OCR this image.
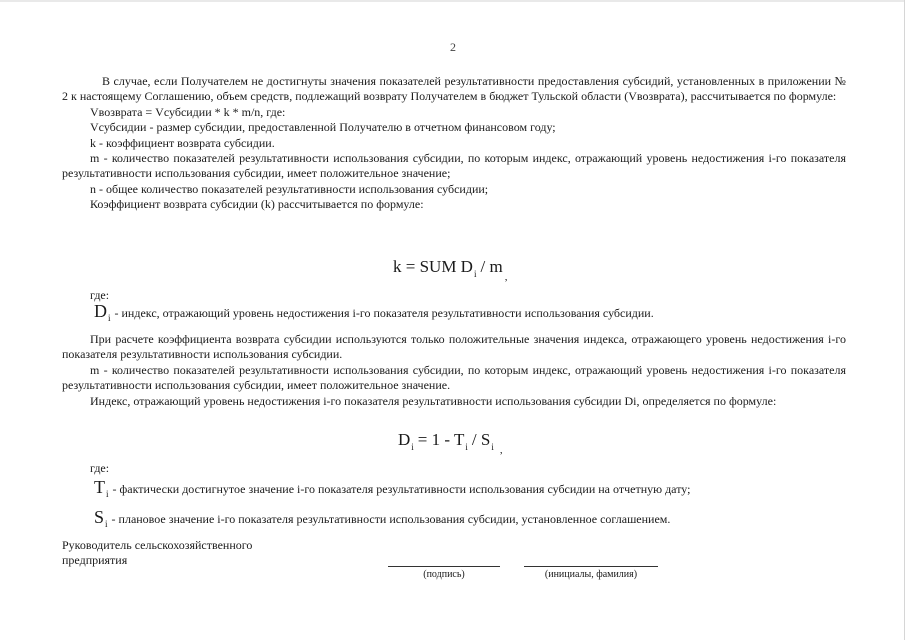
2

В случае, если Получателем не достигнуты значения показателей результативности предоставления субсидий, установленных в приложении № 2 к настоящему Соглашению, объем средств, подлежащий возврату Получателем в бюджет Тульской области (Vвозврата), рассчитывается по формуле:

Vвозврата = Vсубсидии * k * m/n, где:

Vсубсидии - размер субсидии, предоставленной Получателю в отчетном финансовом году;

k - коэффициент возврата субсидии.

m - количество показателей результативности использования субсидии, по которым индекс, отражающий уровень недостижения i-го показателя результативности использования субсидии, имеет положительное значение;

n - общее количество показателей результативности использования субсидии;

Коэффициент возврата субсидии (k) рассчитывается по формуле:

k = SUM $D_i / m_,$
где:
$D_i$ - индекс, отражающий уровень недостижения i-го показателя результативности использования субсидии.

При расчете коэффициента возврата субсидии используются только положительные значения индекса, отражающего уровень недостижения i-го показателя результативности использования субсидии.

m - количество показателей результативности использования субсидии, по которым индекс, отражающий уровень недостижения i-го показателя результативности использования субсидии, имеет положительное значение.

Индекс, отражающий уровень недостижения i-го показателя результативности использования субсидии Di, определяется по формуле:

$D_i = 1 - T_i / S_i$ $_,$
где:
$T_i$ - фактически достигнутое значение i-го показателя результативности использования субсидии на отчетную дату;
$S_i$ - плановое значение i-го показателя результативности использования субсидии, установленное соглашением.
Руководитель сельскохозяйственного
предприятия
(подпись)	(инициалы, фамилия)
